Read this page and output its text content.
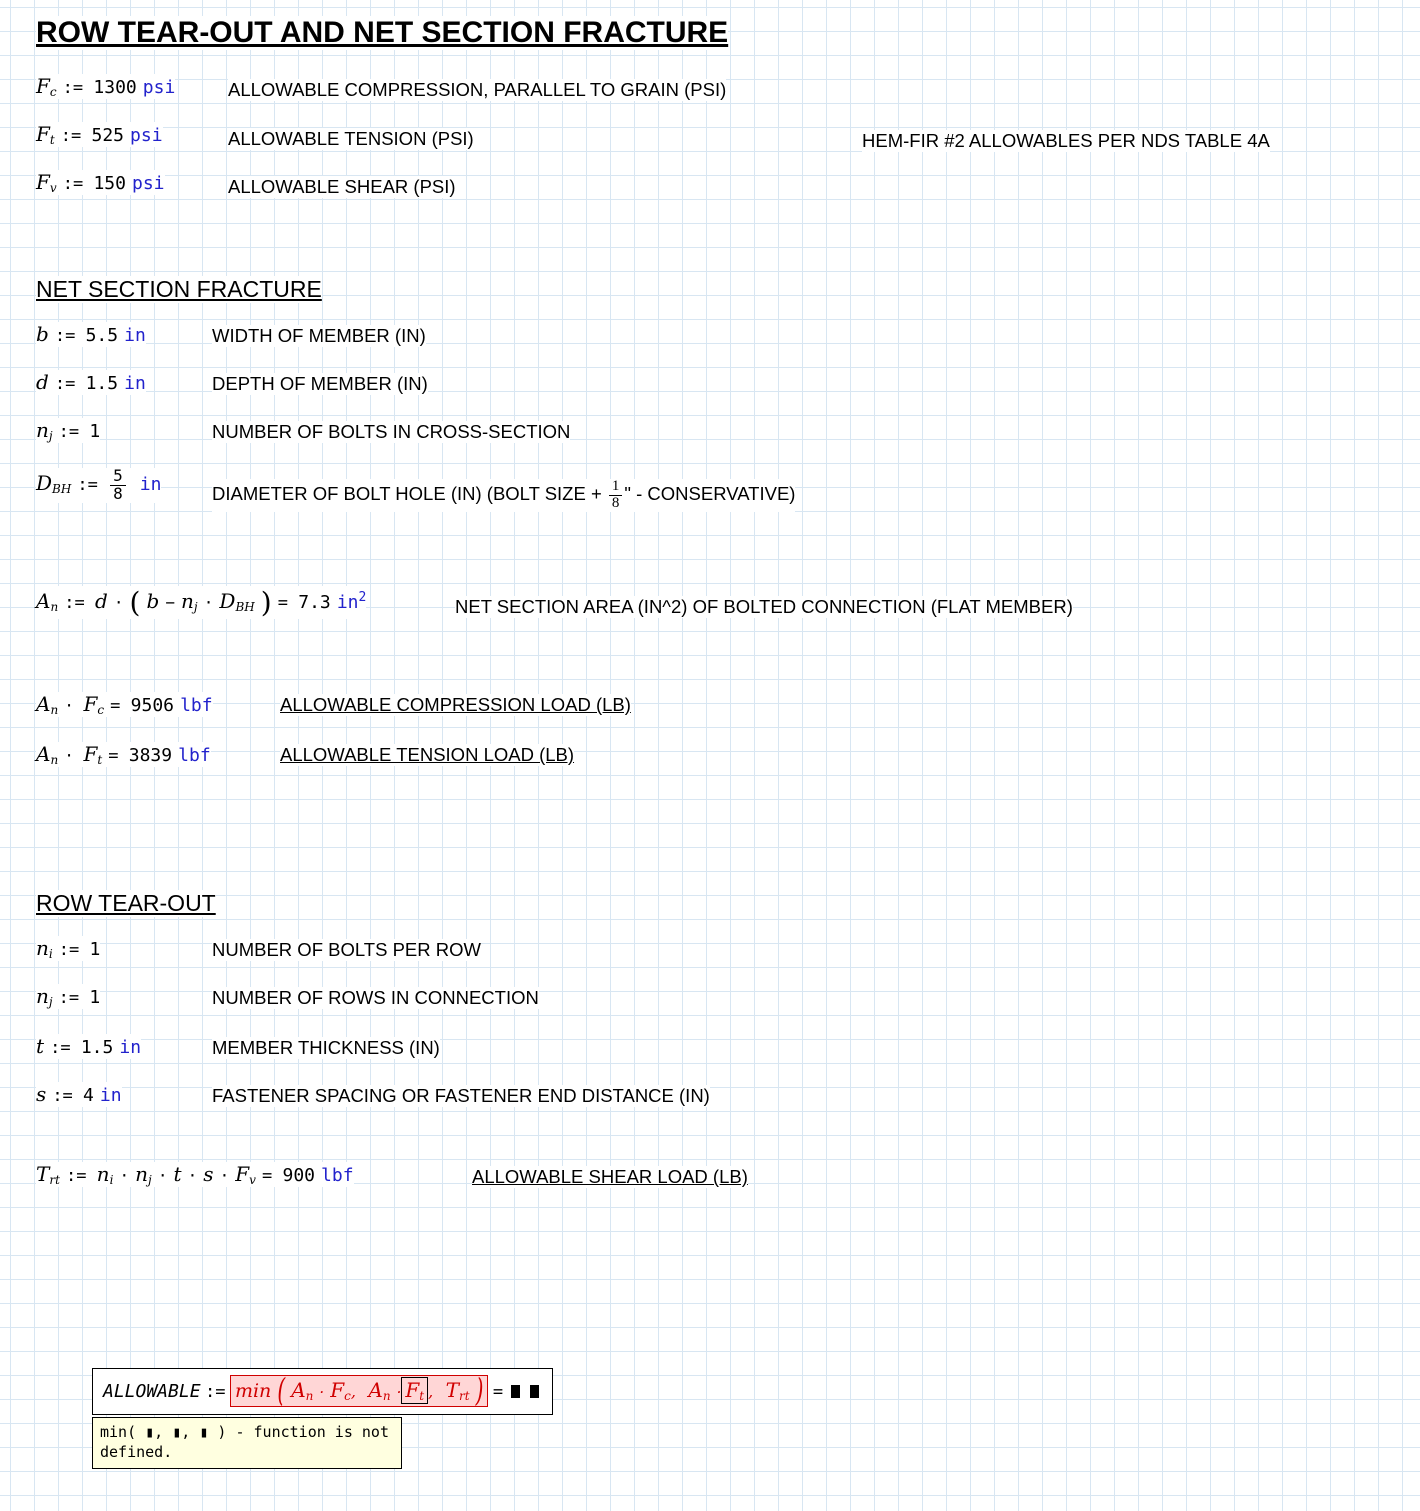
ROW TEAR-OUT AND NET SECTION FRACTURE
$F_c$ := 1300 psi	ALLOWABLE COMPRESSION, PARALLEL TO GRAIN (PSI)
$F_t$ := 525 psi	ALLOWABLE TENSION (PSI)	HEM-FIR #2 ALLOWABLES PER NDS TABLE 4A
$F_v$ := 150 psi	ALLOWABLE SHEAR (PSI)
NET SECTION FRACTURE
b := 5.5 in	WIDTH OF MEMBER (IN)
d := 1.5 in	DEPTH OF MEMBER (IN)
$n_j$ := 1	NUMBER OF BOLTS IN CROSS-SECTION
$D_{BH}$ := $\frac{5}{8}$ in	DIAMETER OF BOLT HOLE (IN) (BOLT SIZE + $\frac{1}{8}$ " - CONSERVATIVE)
$A_n$ := d · ( $b - n_j \cdot D_{BH}$ ) = 7.3 $in^2$	NET SECTION AREA (IN^2) OF BOLTED CONNECTION (FLAT MEMBER)
$A_n \cdot F_c = 9506$ lbf	ALLOWABLE COMPRESSION LOAD (LB)
$A_n \cdot F_t = 3839$ lbf	ALLOWABLE TENSION LOAD (LB)
ROW TEAR-OUT
$n_i$ := 1	NUMBER OF BOLTS PER ROW
$n_j$ := 1	NUMBER OF ROWS IN CONNECTION
t := 1.5 in	MEMBER THICKNESS (IN)
s := 4 in	FASTENER SPACING OR FASTENER END DISTANCE (IN)
$T_{rt}$ := $n_i \cdot n_j \cdot t \cdot s \cdot F_v = 900$ lbf	ALLOWABLE SHEAR LOAD (LB)
ALLOWABLE := min ( $A_n \cdot F_c$,  $A_n \cdot F_t$ ,  $T_{rt}$ ) =
min( ▮, ▮, ▮ ) - function is not defined.
